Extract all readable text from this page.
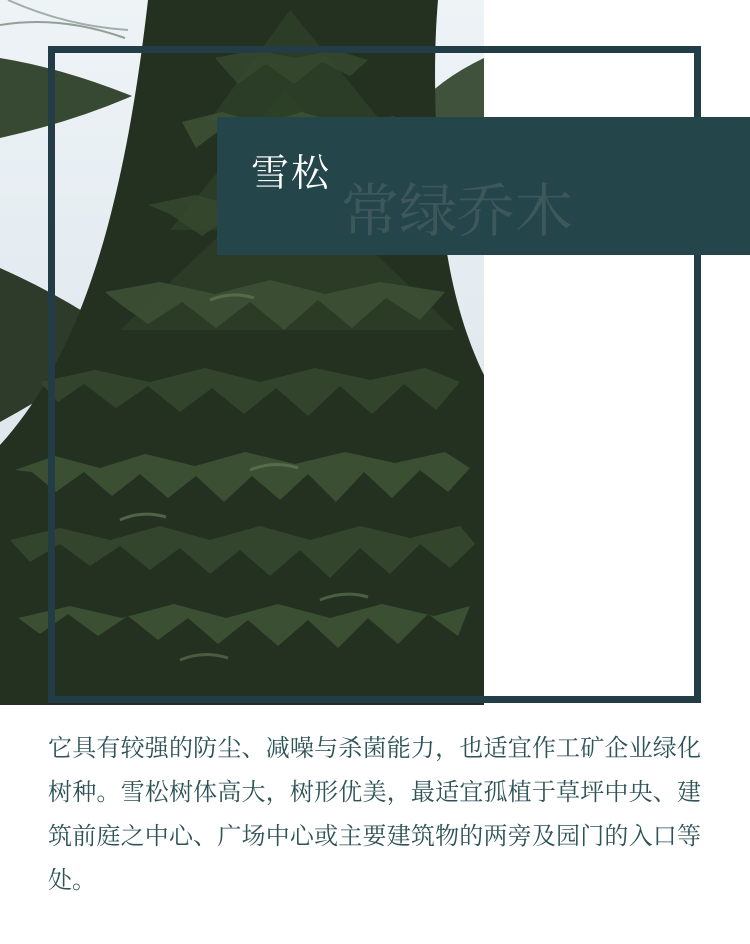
雪松
常绿乔木

它具有较强的防尘、减噪与杀菌能力，也适宜作工矿企业绿化树种。雪松树体高大，树形优美，最适宜孤植于草坪中央、建筑前庭之中心、广场中心或主要建筑物的两旁及园门的入口等处。
